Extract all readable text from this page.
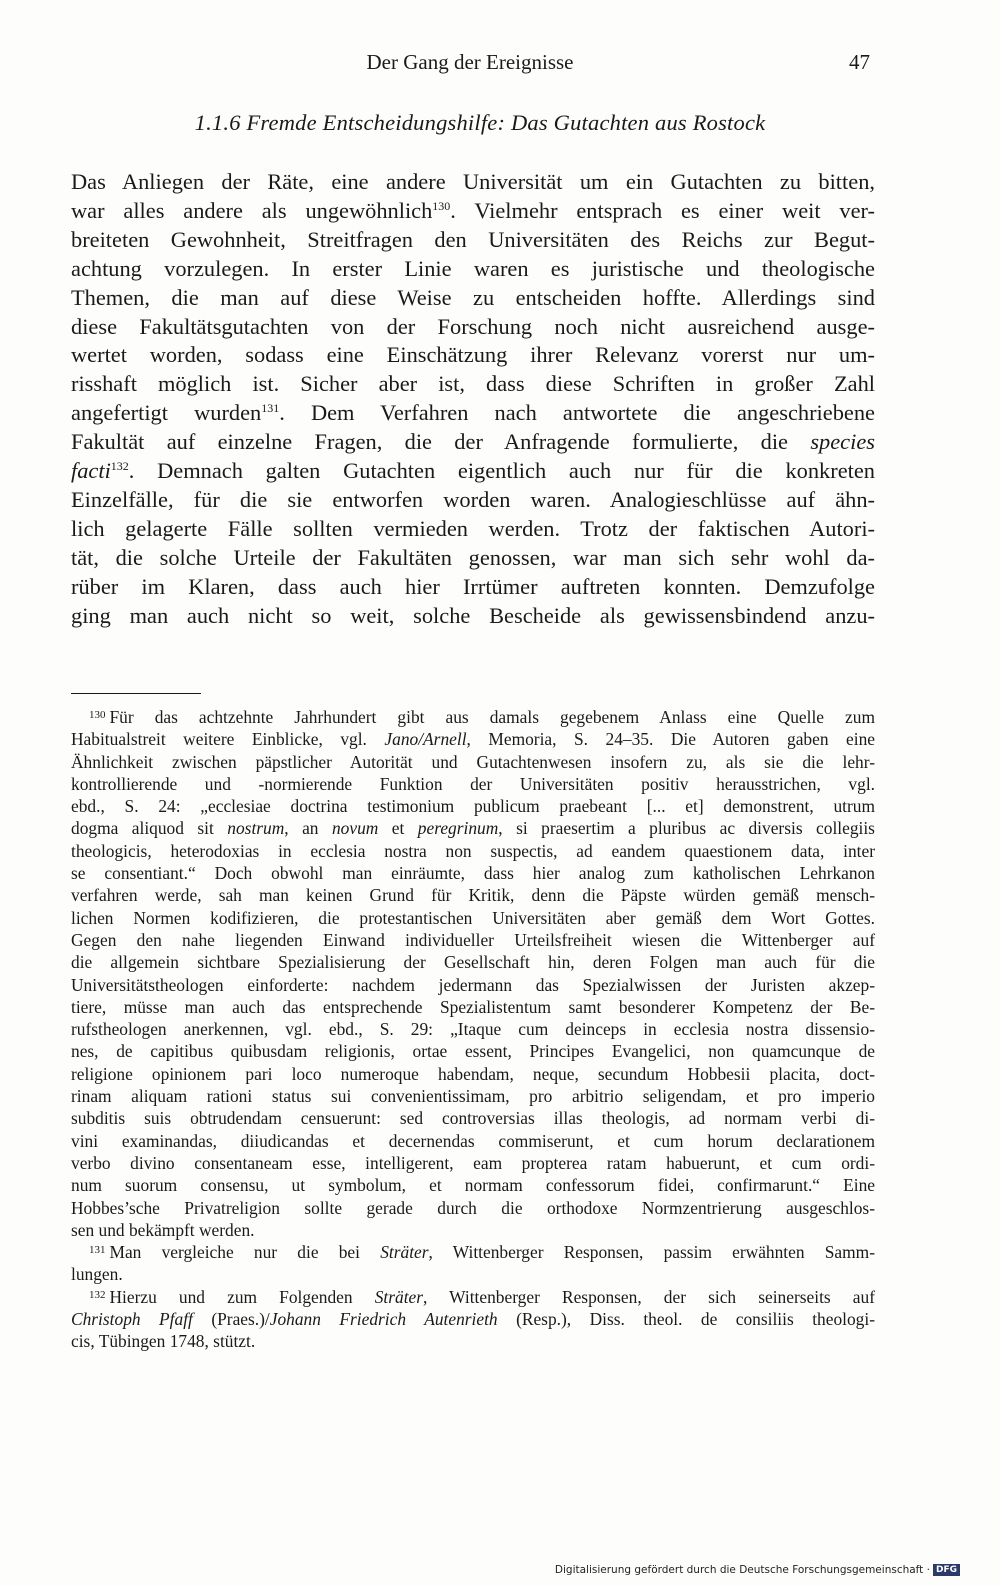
Der Gang der Ereignisse	47
1.1.6 Fremde Entscheidungshilfe: Das Gutachten aus Rostock
Das Anliegen der Räte, eine andere Universität um ein Gutachten zu bitten,
war alles andere als ungewöhnlich$^{130}$. Vielmehr entsprach es einer weit ver-
breiteten Gewohnheit, Streitfragen den Universitäten des Reichs zur Begut-
achtung vorzulegen. In erster Linie waren es juristische und theologische
Themen, die man auf diese Weise zu entscheiden hoffte. Allerdings sind
diese Fakultätsgutachten von der Forschung noch nicht ausreichend ausge-
wertet worden, sodass eine Einschätzung ihrer Relevanz vorerst nur um-
risshaft möglich ist. Sicher aber ist, dass diese Schriften in großer Zahl
angefertigt wurden$^{131}$. Dem Verfahren nach antwortete die angeschriebene
Fakultät auf einzelne Fragen, die der Anfragende formulierte, die species
facti$^{132}$. Demnach galten Gutachten eigentlich auch nur für die konkreten
Einzelfälle, für die sie entworfen worden waren. Analogieschlüsse auf ähn-
lich gelagerte Fälle sollten vermieden werden. Trotz der faktischen Autori-
tät, die solche Urteile der Fakultäten genossen, war man sich sehr wohl da-
rüber im Klaren, dass auch hier Irrtümer auftreten konnten. Demzufolge
ging man auch nicht so weit, solche Bescheide als gewissensbindend anzu-
$^{130}$ Für das achtzehnte Jahrhundert gibt aus damals gegebenem Anlass eine Quelle zum
Habitualstreit weitere Einblicke, vgl. Jano/Arnell, Memoria, S. 24–35. Die Autoren gaben eine
Ähnlichkeit zwischen päpstlicher Autorität und Gutachtenwesen insofern zu, als sie die lehr-
kontrollierende und -normierende Funktion der Universitäten positiv herausstrichen, vgl.
ebd., S. 24: „ecclesiae doctrina testimonium publicum praebeant [... et] demonstrent, utrum
dogma aliquod sit nostrum, an novum et peregrinum, si praesertim a pluribus ac diversis collegiis
theologicis, heterodoxias in ecclesia nostra non suspectis, ad eandem quaestionem data, inter
se consentiant.“ Doch obwohl man einräumte, dass hier analog zum katholischen Lehrkanon
verfahren werde, sah man keinen Grund für Kritik, denn die Päpste würden gemäß mensch-
lichen Normen kodifizieren, die protestantischen Universitäten aber gemäß dem Wort Gottes.
Gegen den nahe liegenden Einwand individueller Urteilsfreiheit wiesen die Wittenberger auf
die allgemein sichtbare Spezialisierung der Gesellschaft hin, deren Folgen man auch für die
Universitätstheologen einforderte: nachdem jedermann das Spezialwissen der Juristen akzep-
tiere, müsse man auch das entsprechende Spezialistentum samt besonderer Kompetenz der Be-
rufstheologen anerkennen, vgl. ebd., S. 29: „Itaque cum deinceps in ecclesia nostra dissensio-
nes, de capitibus quibusdam religionis, ortae essent, Principes Evangelici, non quamcunque de
religione opinionem pari loco numeroque habendam, neque, secundum Hobbesii placita, doct-
rinam aliquam rationi status sui convenientissimam, pro arbitrio seligendam, et pro imperio
subditis suis obtrudendam censuerunt: sed controversias illas theologis, ad normam verbi di-
vini examinandas, diiudicandas et decernendas commiserunt, et cum horum declarationem
verbo divino consentaneam esse, intelligerent, eam propterea ratam habuerunt, et cum ordi-
num suorum consensu, ut symbolum, et normam confessorum fidei, confirmarunt.“ Eine
Hobbes’sche Privatreligion sollte gerade durch die orthodoxe Normzentrierung ausgeschlos-
sen und bekämpft werden.
$^{131}$ Man vergleiche nur die bei Sträter, Wittenberger Responsen, passim erwähnten Samm-
lungen.
$^{132}$ Hierzu und zum Folgenden Sträter, Wittenberger Responsen, der sich seinerseits auf
Christoph Pfaff (Praes.)/Johann Friedrich Autenrieth (Resp.), Diss. theol. de consiliis theologi-
cis, Tübingen 1748, stützt.
Digitalisierung gefördert durch die Deutsche Forschungsgemeinschaft · DFG
